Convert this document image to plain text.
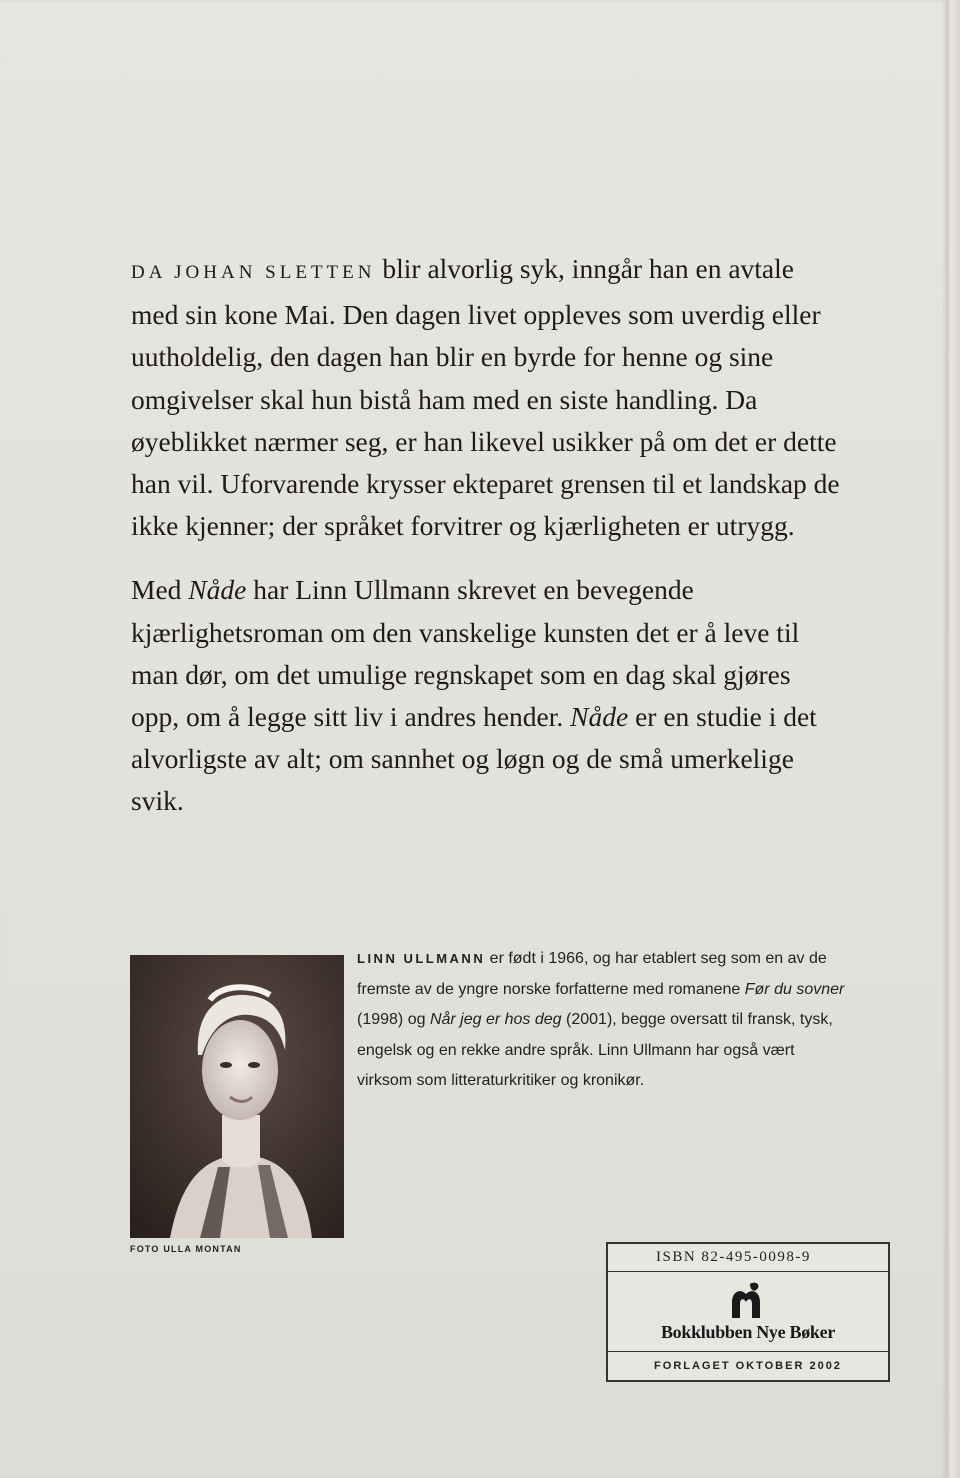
DA JOHAN SLETTEN blir alvorlig syk, inngår han en avtale med sin kone Mai. Den dagen livet oppleves som uverdig eller uutholdelig, den dagen han blir en byrde for henne og sine omgivelser skal hun bistå ham med en siste handling. Da øyeblikket nærmer seg, er han likevel usikker på om det er dette han vil. Uforvarende krysser ekteparet grensen til et landskap de ikke kjenner; der språket forvitrer og kjærligheten er utrygg.

Med Nåde har Linn Ullmann skrevet en bevegende kjærlighetsroman om den vanskelige kunsten det er å leve til man dør, om det umulige regnskapet som en dag skal gjøres opp, om å legge sitt liv i andres hender. Nåde er en studie i det alvorligste av alt; om sannhet og løgn og de små umerkelige svik.

FOTO ULLA MONTAN

LINN ULLMANN er født i 1966, og har etablert seg som en av de fremste av de yngre norske forfatterne med romanene Før du sovner (1998) og Når jeg er hos deg (2001), begge oversatt til fransk, tysk, engelsk og en rekke andre språk. Linn Ullmann har også vært virksom som litteraturkritiker og kronikør.

ISBN 82-495-0098-9
Bokklubben Nye Bøker
FORLAGET OKTOBER 2002
